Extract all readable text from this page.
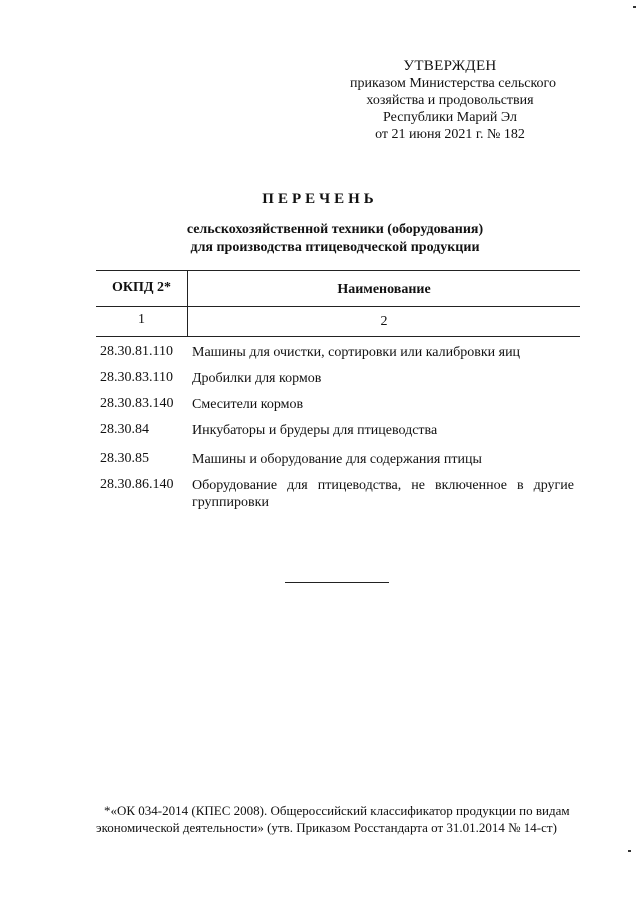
УТВЕРЖДЕН
приказом Министерства сельского
хозяйства и продовольствия
Республики Марий Эл
от 21 июня 2021 г. № 182
ПЕРЕЧЕНЬ
сельскохозяйственной техники (оборудования)
для производства птицеводческой продукции
ОКПД 2*	Наименование
1	2
28.30.81.110	Машины для очистки, сортировки или калибровки яиц
28.30.83.110	Дробилки для кормов
28.30.83.140	Смесители кормов
28.30.84	Инкубаторы и брудеры для птицеводства
28.30.85	Машины и оборудование для содержания птицы
28.30.86.140	Оборудование для птицеводства, не включенное в другие группировки
*«ОК 034-2014 (КПЕС 2008). Общероссийский классификатор продукции по видам
экономической деятельности» (утв. Приказом Росстандарта от 31.01.2014 № 14-ст)
